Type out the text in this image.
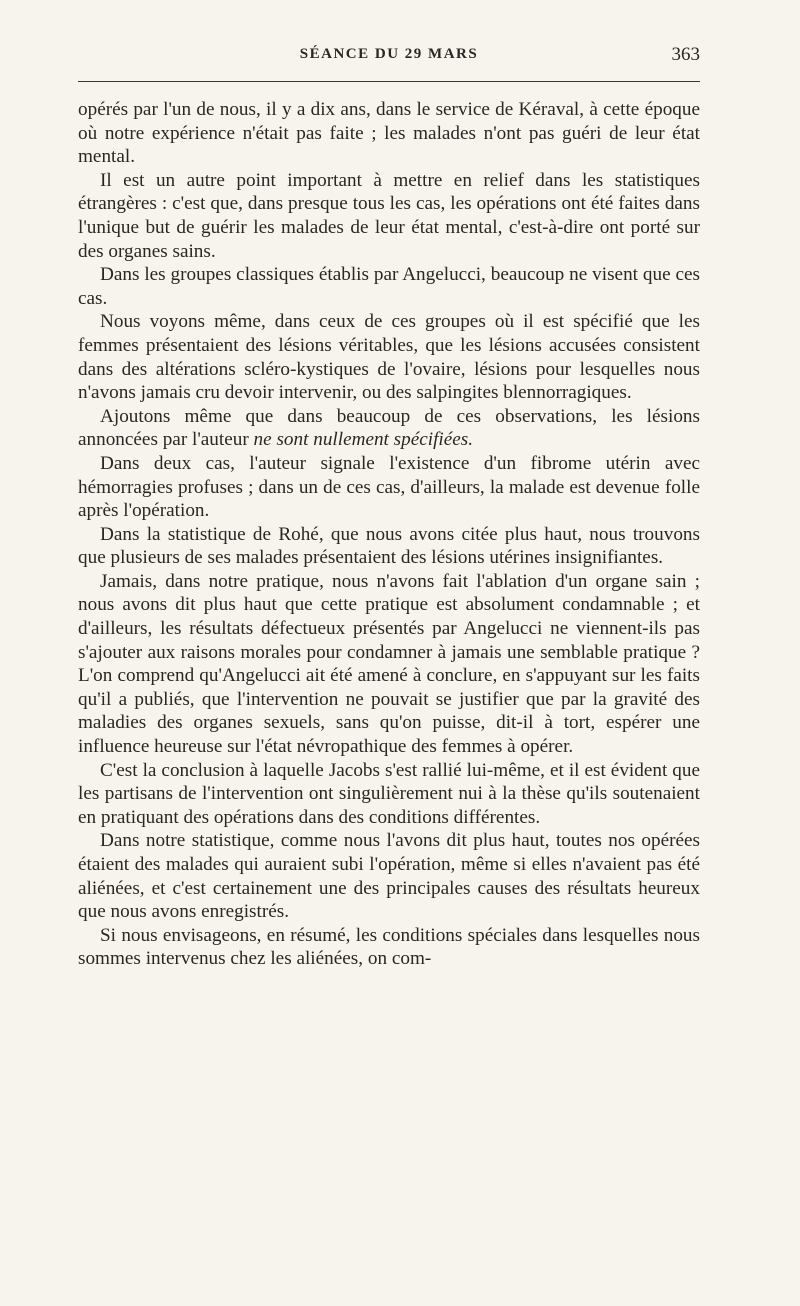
SÉANCE DU 29 MARS	363

opérés par l'un de nous, il y a dix ans, dans le service de Kéraval, à cette époque où notre expérience n'était pas faite ; les malades n'ont pas guéri de leur état mental.

Il est un autre point important à mettre en relief dans les statistiques étrangères : c'est que, dans presque tous les cas, les opérations ont été faites dans l'unique but de guérir les malades de leur état mental, c'est-à-dire ont porté sur des organes sains.

Dans les groupes classiques établis par Angelucci, beaucoup ne visent que ces cas.

Nous voyons même, dans ceux de ces groupes où il est spécifié que les femmes présentaient des lésions véritables, que les lésions accusées consistent dans des altérations scléro-kystiques de l'ovaire, lésions pour lesquelles nous n'avons jamais cru devoir intervenir, ou des salpingites blennorragiques.

Ajoutons même que dans beaucoup de ces observations, les lésions annoncées par l'auteur ne sont nullement spécifiées.

Dans deux cas, l'auteur signale l'existence d'un fibrome utérin avec hémorragies profuses ; dans un de ces cas, d'ailleurs, la malade est devenue folle après l'opération.

Dans la statistique de Rohé, que nous avons citée plus haut, nous trouvons que plusieurs de ses malades présentaient des lésions utérines insignifiantes.

Jamais, dans notre pratique, nous n'avons fait l'ablation d'un organe sain ; nous avons dit plus haut que cette pratique est absolument condamnable ; et d'ailleurs, les résultats défectueux présentés par Angelucci ne viennent-ils pas s'ajouter aux raisons morales pour condamner à jamais une semblable pratique ? L'on comprend qu'Angelucci ait été amené à conclure, en s'appuyant sur les faits qu'il a publiés, que l'intervention ne pouvait se justifier que par la gravité des maladies des organes sexuels, sans qu'on puisse, dit-il à tort, espérer une influence heureuse sur l'état névropathique des femmes à opérer.

C'est la conclusion à laquelle Jacobs s'est rallié lui-même, et il est évident que les partisans de l'intervention ont singulièrement nui à la thèse qu'ils soutenaient en pratiquant des opérations dans des conditions différentes.

Dans notre statistique, comme nous l'avons dit plus haut, toutes nos opérées étaient des malades qui auraient subi l'opération, même si elles n'avaient pas été aliénées, et c'est certainement une des principales causes des résultats heureux que nous avons enregistrés.

Si nous envisageons, en résumé, les conditions spéciales dans lesquelles nous sommes intervenus chez les aliénées, on com-
